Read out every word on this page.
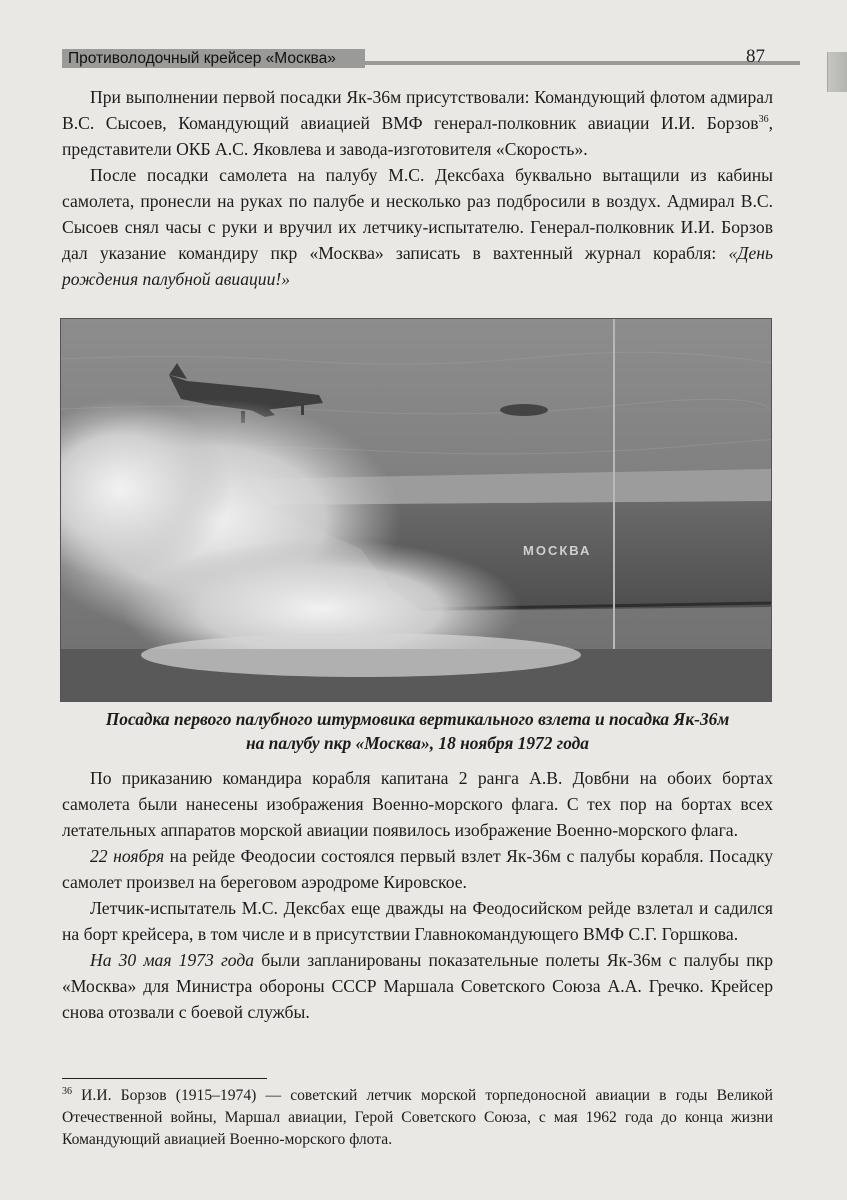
Противолодочный крейсер «Москва»	87

При выполнении первой посадки Як-36м присутствовали: Командующий флотом адмирал В.С. Сысоев, Командующий авиацией ВМФ генерал-полковник авиации И.И. Борзов$^{36}$, представители ОКБ А.С. Яковлева и завода-изготовителя «Скорость».

После посадки самолета на палубу М.С. Дексбаха буквально вытащили из кабины самолета, пронесли на руках по палубе и несколько раз подбросили в воздух. Адмирал В.С. Сысоев снял часы с руки и вручил их летчику-испытателю. Генерал-полковник И.И. Борзов дал указание командиру пкр «Москва» записать в вахтенный журнал корабля: «День рождения палубной авиации!»

МОСКВА
Посадка первого палубного штурмовика вертикального взлета и посадка Як-36м
на палубу пкр «Москва», 18 ноября 1972 года

По приказанию командира корабля капитана 2 ранга А.В. Довбни на обоих бортах самолета были нанесены изображения Военно-морского флага. С тех пор на бортах всех летательных аппаратов морской авиации появилось изображение Военно-морского флага.

22 ноября на рейде Феодосии состоялся первый взлет Як-36м с палубы корабля. Посадку самолет произвел на береговом аэродроме Кировское.

Летчик-испытатель М.С. Дексбах еще дважды на Феодосийском рейде взлетал и садился на борт крейсера, в том числе и в присутствии Главнокомандующего ВМФ С.Г. Горшкова.

На 30 мая 1973 года были запланированы показательные полеты Як-36м с палубы пкр «Москва» для Министра обороны СССР Маршала Советского Союза А.А. Гречко. Крейсер снова отозвали с боевой службы.

$^{36}$ И.И. Борзов (1915–1974) — советский летчик морской торпедоносной авиации в годы Великой Отечественной войны, Маршал авиации, Герой Советского Союза, с мая 1962 года до конца жизни Командующий авиацией Военно-морского флота.
